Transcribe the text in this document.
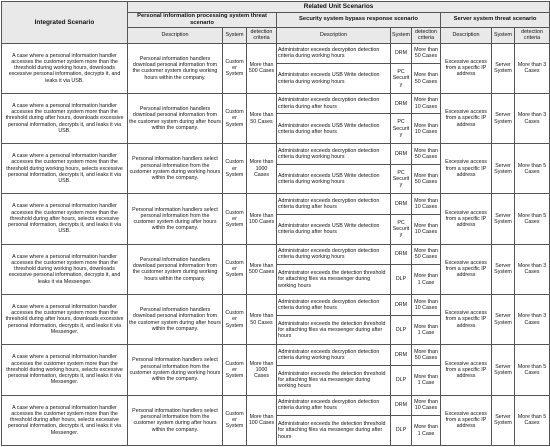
Integrated Scenario	Related Unit Scenarios								
	Personal information processing system threat scenario			Security system bypass response scenario			Server system threat scenario		
	Description	System	detection criteria	Description	System	detection criteria	Description	System	detection criteria
A case where a personal information handler accesses the customer system more than the threshold during working hours, downloads excessive personal information, decrypts it, and leaks it via USB.	Personal information handlers download personal information from the customer system during working hours within the company.	Customer System	More than 500 Cases	Administrator exceeds decryption detection criteria during working hours	DRM	More than 50 Cases	Excessive access from a specific IP address	Server System	More than 3 Cases
				Administrator exceeds USB Write detection criteria during working hours	PC Security	More than 50 Cases			
A case where a personal information handler accesses the customer system more than the threshold during after hours, downloads excessive personal information, decrypts it, and leaks it via USB.	Personal information handlers download personal information from the customer system during after hours within the company.	Customer System	More than 50 Cases	Administrator exceeds decryption detection criteria during after hours	DRM	More than 10 Cases	Excessive access from a specific IP address	Server System	More than 3 Cases
				Administrator exceeds USB Write detection criteria during after hours	PC Security	More than 10 Cases			
A case where a personal information handler accesses the customer system more than the threshold during working hours, selects excessive personal information, decrypts it, and leaks it via USB.	Personal information handlers select personal information from the customer system during working hours within the company.	Customer System	More than 1000 Cases	Administrator exceeds decryption detection criteria during working hours	DRM	More than 50 Cases	Excessive access from a specific IP address	Server System	More than 5 Cases
				Administrator exceeds USB Write detection criteria during working hours	PC Security	More than 50 Cases			
A case where a personal information handler accesses the customer system more than the threshold during after hours, selects excessive personal information, decrypts it, and leaks it via USB.	Personal information handlers select personal information from the customer system during after hours within the company.	Customer System	More than 100 Cases	Administrator exceeds decryption detection criteria during after hours	DRM	More than 10 Cases	Excessive access from a specific IP address	Server System	More than 5 Cases
				Administrator exceeds USB Write detection criteria during after hours	PC Security	More than 10 Cases			
A case where a personal information handler accesses the customer system more than the threshold during working hours, downloads excessive personal information, decrypts it, and leaks it via Messenger.	Personal information handlers download personal information from the customer system during working hours within the company.	Customer System	More than 500 Cases	Administrator exceeds decryption detection criteria during working hours	DRM	More than 50 Cases	Excessive access from a specific IP address	Server System	More than 3 Cases
				Administrator exceeds the detection threshold for attaching files via messenger during working hours	DLP	More than 1 Case			
A case where a personal information handler accesses the customer system more than the threshold during after hours, downloads excessive personal information, decrypts it, and leaks it via Messenger.	Personal information handlers download personal information from the customer system during after hours within the company.	Customer System	More than 50 Cases	Administrator exceeds decryption detection criteria during after hours	DRM	More than 10 Cases	Excessive access from a specific IP address	Server System	More than 3 Cases
				Administrator exceeds the detection threshold for attaching files via messenger during after hours	DLP	More than 1 Case			
A case where a personal information handler accesses the customer system more than the threshold during working hours, selects excessive personal information, decrypts it, and leaks it via Messenger.	Personal information handlers select personal information from the customer system during working hours within the company.	Customer System	More than 1000 Cases	Administrator exceeds decryption detection criteria during working hours	DRM	More than 50 Cases	Excessive access from a specific IP address	Server System	More than 5 Cases
				Administrator exceeds the detection threshold for attaching files via messenger during working hours	DLP	More than 1 Case			
A case where a personal information handler accesses the customer system more than the threshold during after hours, selects excessive personal information, decrypts it, and leaks it via Messenger.	Personal information handlers select personal information from the customer system during after hours within the company.	Customer System	More than 100 Cases	Administrator exceeds decryption detection criteria during after hours	DRM	More than 10 Cases	Excessive access from a specific IP address	Server System	More than 5 Cases
				Administrator exceeds the detection threshold for attaching files via messenger during after hours	DLP	More than 1 Case			
